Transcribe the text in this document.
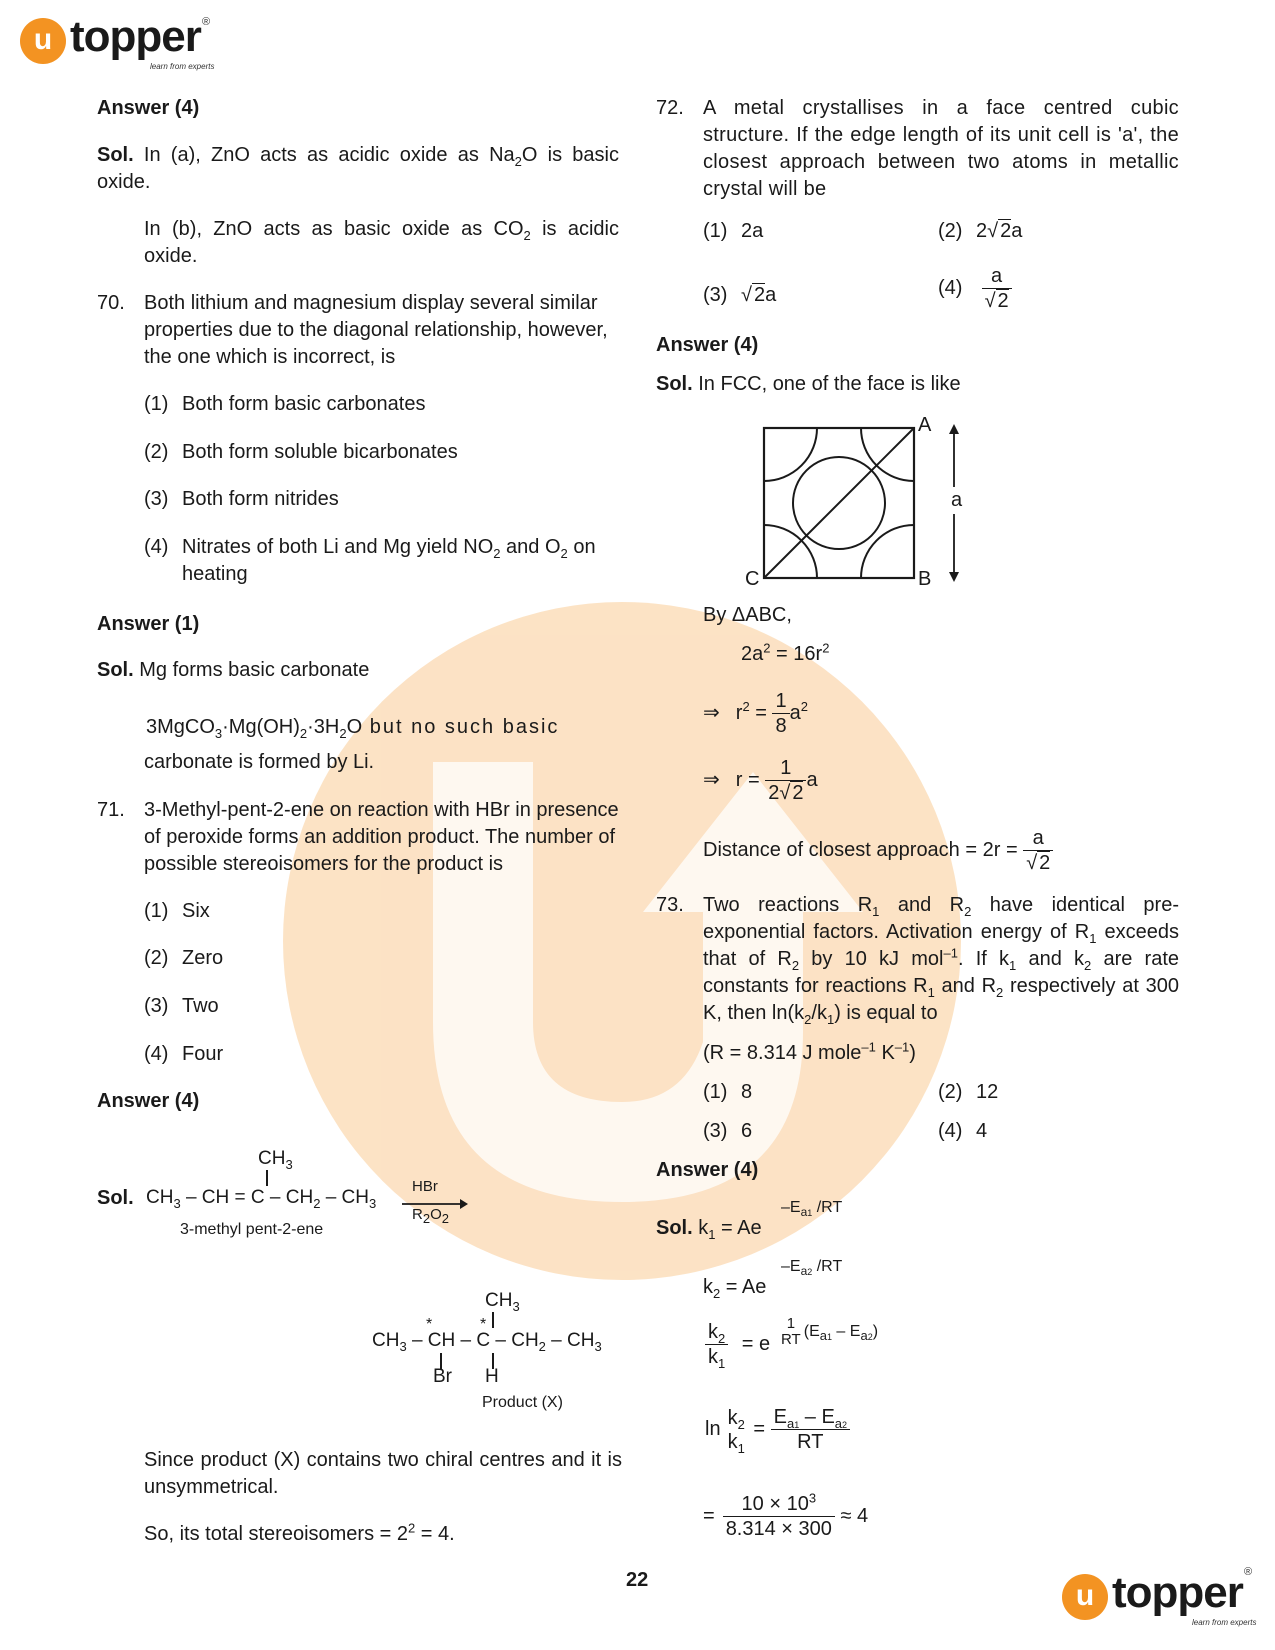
u topper ®
learn from experts
Answer (4)
Sol. In (a), ZnO acts as acidic oxide as $Na_2O$ is basic oxide.
In (b), ZnO acts as basic oxide as $CO_2$ is acidic oxide.
70. Both lithium and magnesium display several similar properties due to the diagonal relationship, however, the one which is incorrect, is
(1) Both form basic carbonates
(2) Both form soluble bicarbonates
(3) Both form nitrides
(4) Nitrates of both Li and Mg yield $NO_2$ and $O_2$ on heating
Answer (1)
Sol. Mg forms basic carbonate
$3MgCO_3\cdot Mg(OH)_2\cdot 3H_2O$ but no such basic
carbonate is formed by Li.
71. 3-Methyl-pent-2-ene on reaction with HBr in presence of peroxide forms an addition product. The number of possible stereoisomers for the product is
(1) Six
(2) Zero
(3) Two
(4) Four
Answer (4)
Sol.
$CH_3$
$CH_3$ – CH = C – $CH_2 - CH_3$
HBr
$R_2O_2$
3-methyl pent-2-ene
$CH_3$
*	*
$CH_3$ – CH – C – $CH_2 - CH_3$
Br H
Product (X)
Since product (X) contains two chiral centres and it is unsymmetrical.
So, its total stereoisomers = $2^2 = 4$.
72. A metal crystallises in a face centred cubic structure. If the edge length of its unit cell is 'a', the closest approach between two atoms in metallic crystal will be
(1) 2a	(2) 2√ 2a
(3) √ 2a	$(4) \frac{a}{√ 2}$
Answer (4)
Sol. In FCC, one of the face is like
A
B
C
a
By ΔABC,
$2a^2 = 16r^2$
⇒ $r^2 = \frac{1}{8} a^2$
⇒ $r = \frac{1}{2√ 2}$ a
Distance of closest approach = $2r = \frac{a}{√ 2}$
73. Two reactions $R_1$ and $R_2$ have identical pre-exponential factors. Activation energy of $R_1$ exceeds that of $R_2$ by 10 kJ mol$^{-1}$. If $k_1$ and $k_2$ are rate constants for reactions $R_1$ and $R_2$ respectively at 300 K, then $\ln(k_2/k_1)$ is equal to
(R = 8.314 J mole$^{-1}$ $K^{-1}$)
(1) 8	(2) 12
(3) 6	(4) 4
Answer (4)
Sol. $k_1 = Ae$
$-E_{a1}$ /RT
$k_2 = Ae$
$-E_{a2}$ /RT
$\frac{k_2}{k_1} = e$
1
RT $(E_{a1} - E_{a2})$
ln
$k_2$
$k_1$
= $\frac{E_{a1} - E_{a2}}{RT}$
= $\frac{10 \times 10^3}{8.314 \times 300} \approx 4$
22	u topper ®
learn from experts
